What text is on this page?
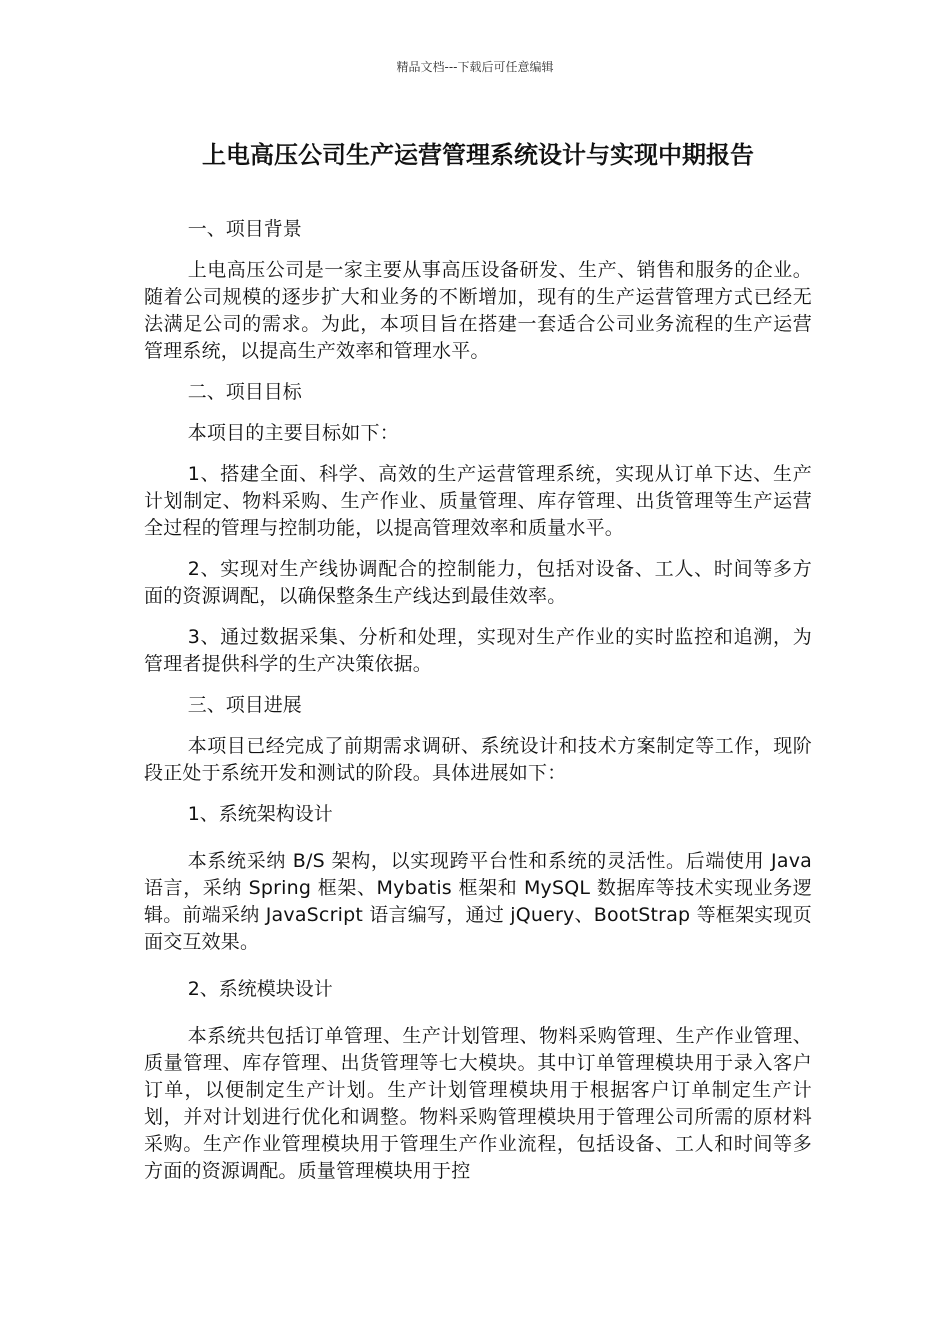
精品文档---下载后可任意编辑
上电高压公司生产运营管理系统设计与实现中期报告
一、项目背景
上电高压公司是一家主要从事高压设备研发、生产、销售和服务的企业。随着公司规模的逐步扩大和业务的不断增加，现有的生产运营管理方式已经无法满足公司的需求。为此，本项目旨在搭建一套适合公司业务流程的生产运营管理系统，以提高生产效率和管理水平。
二、项目目标
本项目的主要目标如下：
1、搭建全面、科学、高效的生产运营管理系统，实现从订单下达、生产计划制定、物料采购、生产作业、质量管理、库存管理、出货管理等生产运营全过程的管理与控制功能，以提高管理效率和质量水平。
2、实现对生产线协调配合的控制能力，包括对设备、工人、时间等多方面的资源调配，以确保整条生产线达到最佳效率。
3、通过数据采集、分析和处理，实现对生产作业的实时监控和追溯，为管理者提供科学的生产决策依据。
三、项目进展
本项目已经完成了前期需求调研、系统设计和技术方案制定等工作，现阶段正处于系统开发和测试的阶段。具体进展如下：
1、系统架构设计
本系统采纳 B/S 架构，以实现跨平台性和系统的灵活性。后端使用 Java 语言，采纳 Spring 框架、Mybatis 框架和 MySQL 数据库等技术实现业务逻辑。前端采纳 JavaScript 语言编写，通过 jQuery、BootStrap 等框架实现页面交互效果。
2、系统模块设计
本系统共包括订单管理、生产计划管理、物料采购管理、生产作业管理、质量管理、库存管理、出货管理等七大模块。其中订单管理模块用于录入客户订单，以便制定生产计划。生产计划管理模块用于根据客户订单制定生产计划，并对计划进行优化和调整。物料采购管理模块用于管理公司所需的原材料采购。生产作业管理模块用于管理生产作业流程，包括设备、工人和时间等多方面的资源调配。质量管理模块用于控
